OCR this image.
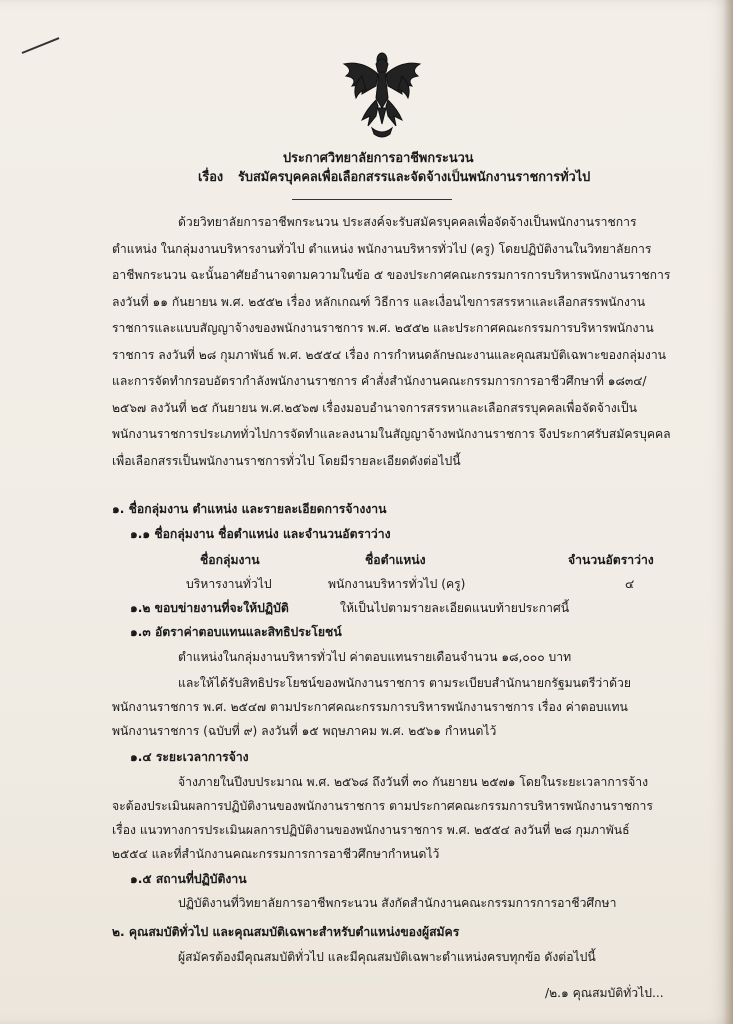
ประกาศวิทยาลัยการอาชีพกระนวน
เรื่อง รับสมัครบุคคลเพื่อเลือกสรรและจัดจ้างเป็นพนักงานราชการทั่วไป
ด้วยวิทยาลัยการอาชีพกระนวน ประสงค์จะรับสมัครบุคคลเพื่อจัดจ้างเป็นพนักงานราชการ
ตำแหน่ง ในกลุ่มงานบริหารงานทั่วไป ตำแหน่ง พนักงานบริหารทั่วไป (ครู) โดยปฏิบัติงานในวิทยาลัยการ
อาชีพกระนวน ฉะนั้นอาศัยอำนาจตามความในข้อ ๕ ของประกาศคณะกรรมการการบริหารพนักงานราชการ
ลงวันที่ ๑๑ กันยายน พ.ศ. ๒๕๕๒ เรื่อง หลักเกณฑ์ วิธีการ และเงื่อนไขการสรรหาและเลือกสรรพนักงาน
ราชการและแบบสัญญาจ้างของพนักงานราชการ พ.ศ. ๒๕๕๒ และประกาศคณะกรรมการบริหารพนักงาน
ราชการ ลงวันที่ ๒๘ กุมภาพันธ์ พ.ศ. ๒๕๕๔ เรื่อง การกำหนดลักษณะงานและคุณสมบัติเฉพาะของกลุ่มงาน
และการจัดทำกรอบอัตรากำลังพนักงานราชการ คำสั่งสำนักงานคณะกรรมการการอาชีวศึกษาที่ ๑๘๓๔/
๒๕๖๗ ลงวันที่ ๒๕ กันยายน พ.ศ.๒๕๖๗ เรื่องมอบอำนาจการสรรหาและเลือกสรรบุคคลเพื่อจัดจ้างเป็น
พนักงานราชการประเภททั่วไปการจัดทำและลงนามในสัญญาจ้างพนักงานราชการ จึงประกาศรับสมัครบุคคล
เพื่อเลือกสรรเป็นพนักงานราชการทั่วไป โดยมีรายละเอียดดังต่อไปนี้
๑. ชื่อกลุ่มงาน ตำแหน่ง และรายละเอียดการจ้างงาน
๑.๑ ชื่อกลุ่มงาน ชื่อตำแหน่ง และจำนวนอัตราว่าง
ชื่อกลุ่มงาน	ชื่อตำแหน่ง	จำนวนอัตราว่าง
บริหารงานทั่วไป	พนักงานบริหารทั่วไป (ครู)	๔
๑.๒ ขอบข่ายงานที่จะให้ปฏิบัติ	ให้เป็นไปตามรายละเอียดแนบท้ายประกาศนี้
๑.๓ อัตราค่าตอบแทนและสิทธิประโยชน์
ตำแหน่งในกลุ่มงานบริหารทั่วไป ค่าตอบแทนรายเดือนจำนวน ๑๘,๐๐๐ บาท
และให้ได้รับสิทธิประโยชน์ของพนักงานราชการ ตามระเบียบสำนักนายกรัฐมนตรีว่าด้วย
พนักงานราชการ พ.ศ. ๒๕๔๗ ตามประกาศคณะกรรมการบริหารพนักงานราชการ เรื่อง ค่าตอบแทน
พนักงานราชการ (ฉบับที่ ๙) ลงวันที่ ๑๕ พฤษภาคม พ.ศ. ๒๕๖๑ กำหนดไว้
๑.๔ ระยะเวลาการจ้าง
จ้างภายในปีงบประมาณ พ.ศ. ๒๕๖๘ ถึงวันที่ ๓๐ กันยายน ๒๕๗๑ โดยในระยะเวลาการจ้าง
จะต้องประเมินผลการปฏิบัติงานของพนักงานราชการ ตามประกาศคณะกรรมการบริหารพนักงานราชการ
เรื่อง แนวทางการประเมินผลการปฏิบัติงานของพนักงานราชการ พ.ศ. ๒๕๕๔ ลงวันที่ ๒๘ กุมภาพันธ์
๒๕๕๔ และที่สำนักงานคณะกรรมการการอาชีวศึกษากำหนดไว้
๑.๕ สถานที่ปฏิบัติงาน
ปฏิบัติงานที่วิทยาลัยการอาชีพกระนวน สังกัดสำนักงานคณะกรรมการการอาชีวศึกษา
๒. คุณสมบัติทั่วไป และคุณสมบัติเฉพาะสำหรับตำแหน่งของผู้สมัคร
ผู้สมัครต้องมีคุณสมบัติทั่วไป และมีคุณสมบัติเฉพาะตำแหน่งครบทุกข้อ ดังต่อไปนี้
/๒.๑ คุณสมบัติทั่วไป...
